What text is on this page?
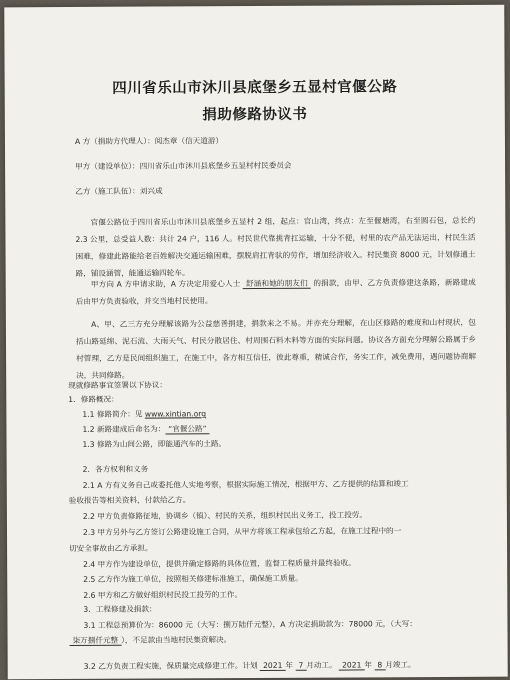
四川省乐山市沐川县底堡乡五显村官偃公路
捐助修路协议书
A 方（捐助方代理人）：阅杰章（信天道游）
甲方（建设单位）：四川省乐山市沐川县底堡乡五显村村民委员会
乙方（施工队伍）：刘兴成
官偃公路位于四川省乐山市沐川县底堡乡五显村 2 组，起点：官山湾，终点：左至偃塘湾，右至圆石包，总长约 2.3 公里，总受益人数：共计 24 户，116 人。村民世代靠挑背扛运输，十分不便，村里的农产品无法运出，村民生活困难，修建此路能给老百姓解决交通运输困难，摆脱肩扛背驮的劳作，增加经济收入。村民集资 8000 元，计划修通土路，铺设涵管，能通运输四轮车。
甲方向 A 方申请求助，A 方决定用爱心人士 舒涵和她的朋友们 的捐款，由甲、乙方负责修建这条路，新路建成后由甲方负责验收，并交当地村民使用。
A、甲、乙三方充分理解该路为公益慈善捐建，捐款来之不易。并亦充分理解，在山区修路的难度和山村现状，包括山路延绵、泥石流、大雨天气、村民分散居住、村周围石料木料等方面的实际问题。协议各方面充分理解公路属于乡村管理，乙方是民间组织施工，在施工中，各方相互信任，彼此尊重，精诚合作，务实工作，减免费用，遇问题协商解决，共同修路。
现就修路事宜签署以下协议：
1．修路概况：
1.1 修路简介：见 www.xintian.org
1.2 新路建成后命名为： “官偃公路”
1.3 修路为山间公路，即能通汽车的土路。
2．各方权利和义务
2.1 A 方有义务自己或委托他人实地考察，根据实际施工情况，根据甲方、乙方提供的结算和竣工
验收报告等相关资料，付款给乙方。
2.2 甲方负责修路征地，协调乡（镇）、村民的关系，组织村民出义务工，投工投劳。
2.3 甲方另外与乙方签订公路建设施工合同，从甲方将该工程承包给乙方起，在施工过程中的一
切安全事故由乙方承担。
2.4 甲方作为建设单位，提供并确定修路的具体位置，监督工程质量并最终验收。
2.5 乙方作为施工单位，按照相关修建标准施工，确保施工质量。
2.6 甲方和乙方做好组织村民投工投劳的工作。
3．工程修建及捐款：
3.1 工程总预算价为：86000 元（大写：捌万陆仟元整），A 方决定捐助款为：78000 元，（大写：
柒万捌仟元整 ），不足款由当地村民集资解决。
3.2 乙方负责工程实施，保质量完成修建工作。计划 2021 年 7 月动工。 2021 年 8 月竣工。
